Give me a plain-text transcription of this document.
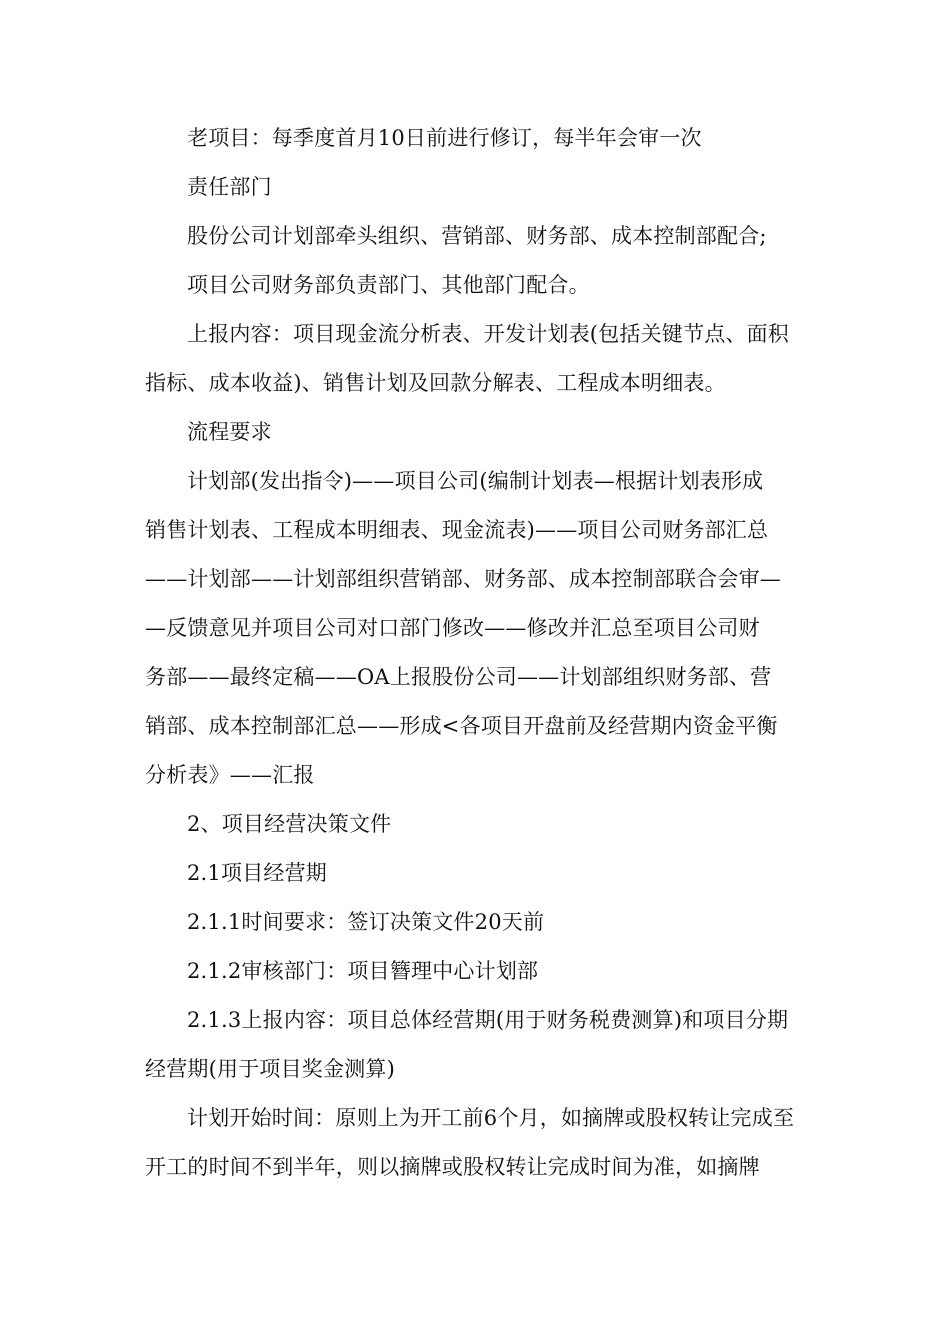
老项目：每季度首月10日前进行修订，每半年会审一次

责任部门

股份公司计划部牵头组织、营销部、财务部、成本控制部配合;

项目公司财务部负责部门、其他部门配合。

上报内容：项目现金流分析表、开发计划表(包括关键节点、面积指标、成本收益)、销售计划及回款分解表、工程成本明细表。

流程要求

计划部(发出指令)——项目公司(编制计划表—根据计划表形成

销售计划表、工程成本明细表、现金流表)——项目公司财务部汇总

——计划部——计划部组织营销部、财务部、成本控制部联合会审—

—反馈意见并项目公司对口部门修改——修改并汇总至项目公司财

务部——最终定稿——OA上报股份公司——计划部组织财务部、营

销部、成本控制部汇总——形成<各项目开盘前及经营期内资金平衡

分析表》——汇报

2、项目经营决策文件

2.1项目经营期

2.1.1时间要求：签订决策文件20天前

2.1.2审核部门：项目簪理中心计划部

2.1.3上报内容：项目总体经营期(用于财务税费测算)和项目分期经营期(用于项目奖金测算)

计划开始时间：原则上为开工前6个月，如摘牌或股权转让完成至开工的时间不到半年，则以摘牌或股权转让完成时间为准，如摘牌
